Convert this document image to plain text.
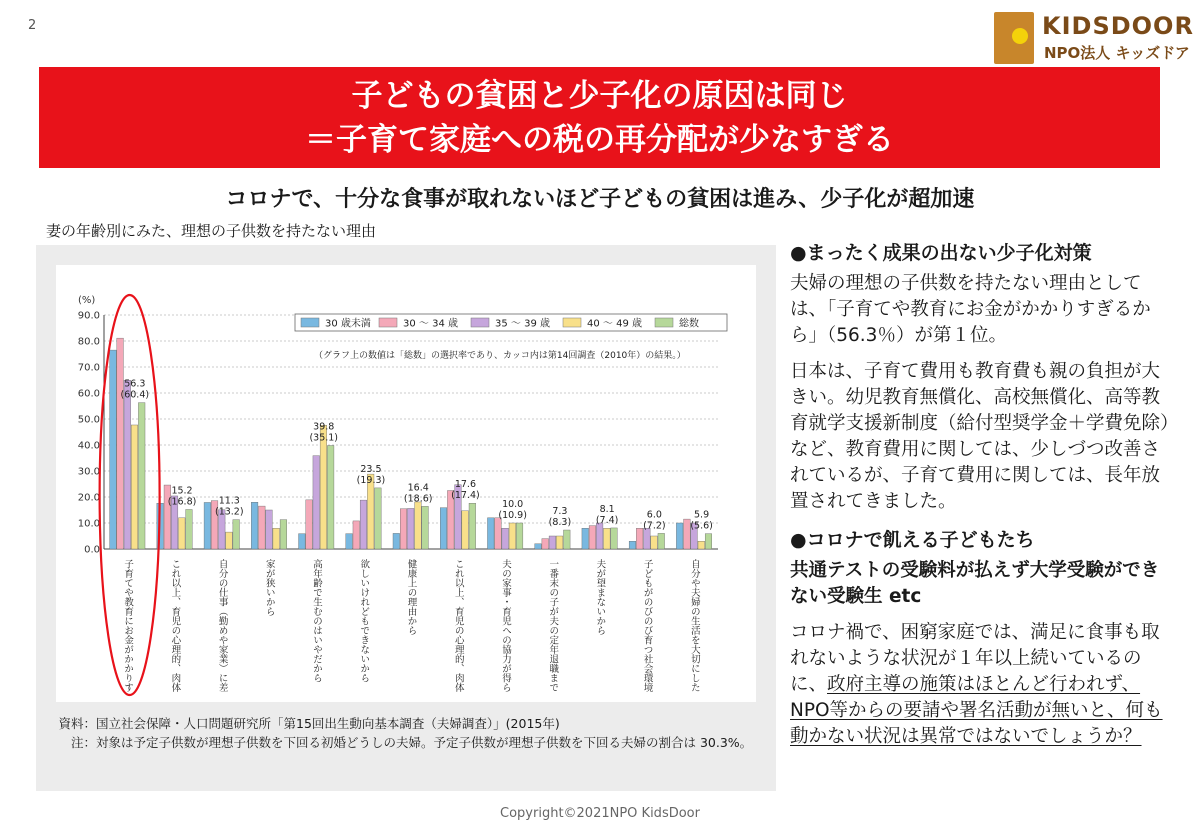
2	KIDSDOOR
NPO法人 キッズドア
子どもの貧困と少子化の原因は同じ
＝子育て家庭への税の再分配が少なすぎる
コロナで、十分な食事が取れないほど子どもの貧困は進み、少子化が超加速
妻の年齢別にみた、理想の子供数を持たない理由
(%)
0.0
10.0
20.0
30.0
40.0
50.0
60.0
70.0
80.0
90.0
30 歳未満	30 ～ 34 歳	35 ～ 39 歳	40 ～ 49 歳	総数
（グラフ上の数値は「総数」の選択率であり、カッコ内は第14回調査（2010年）の結果。）
56.3
(60.4)
子育てや教育にお金がかかりす
15.2
(16.8)
これ以上、育児の心理的、肉体
11.3
(13.2)
自分の仕事（勤めや家業）に差	家が狭いから
39.8
(35.1)
高年齢で生むのはいやだから
23.5
(19.3)
欲しいけれどもできないから
16.4
(18.6)
健康上の理由から
17.6
(17.4)
これ以上、育児の心理的、肉体
10.0
(10.9)
夫の家事・育児への協力が得ら
7.3
(8.3)
一番末の子が夫の定年退職まで
8.1
(7.4)
夫が望まないから
6.0
(7.2)
子どもがのびのび育つ社会環境
5.9
(5.6)
自分や夫婦の生活を大切にした
資料： 国立社会保障・人口問題研究所「第15回出生動向基本調査（夫婦調査）」(2015年)
注： 対象は予定子供数が理想子供数を下回る初婚どうしの夫婦。予定子供数が理想子供数を下回る夫婦の割合は 30.3%。
●まったく成果の出ない少子化対策
夫婦の理想の子供数を持たない理由としては、「子育てや教育にお金がかかりすぎるから」（56.3％）が第１位。
日本は、子育て費用も教育費も親の負担が大きい。幼児教育無償化、高校無償化、高等教育就学支援新制度（給付型奨学金＋学費免除）など、教育費用に関しては、少しづつ改善されているが、子育て費用に関しては、長年放置されてきました。
●コロナで飢える子どもたち
共通テストの受験料が払えず大学受験ができない受験生 etc
コロナ禍で、困窮家庭では、満足に食事も取れないような状況が１年以上続いているのに、政府主導の施策はほとんど行われず、NPO等からの要請や署名活動が無いと、何も動かない状況は異常ではないでしょうか？
Copyright©2021NPO KidsDoor
